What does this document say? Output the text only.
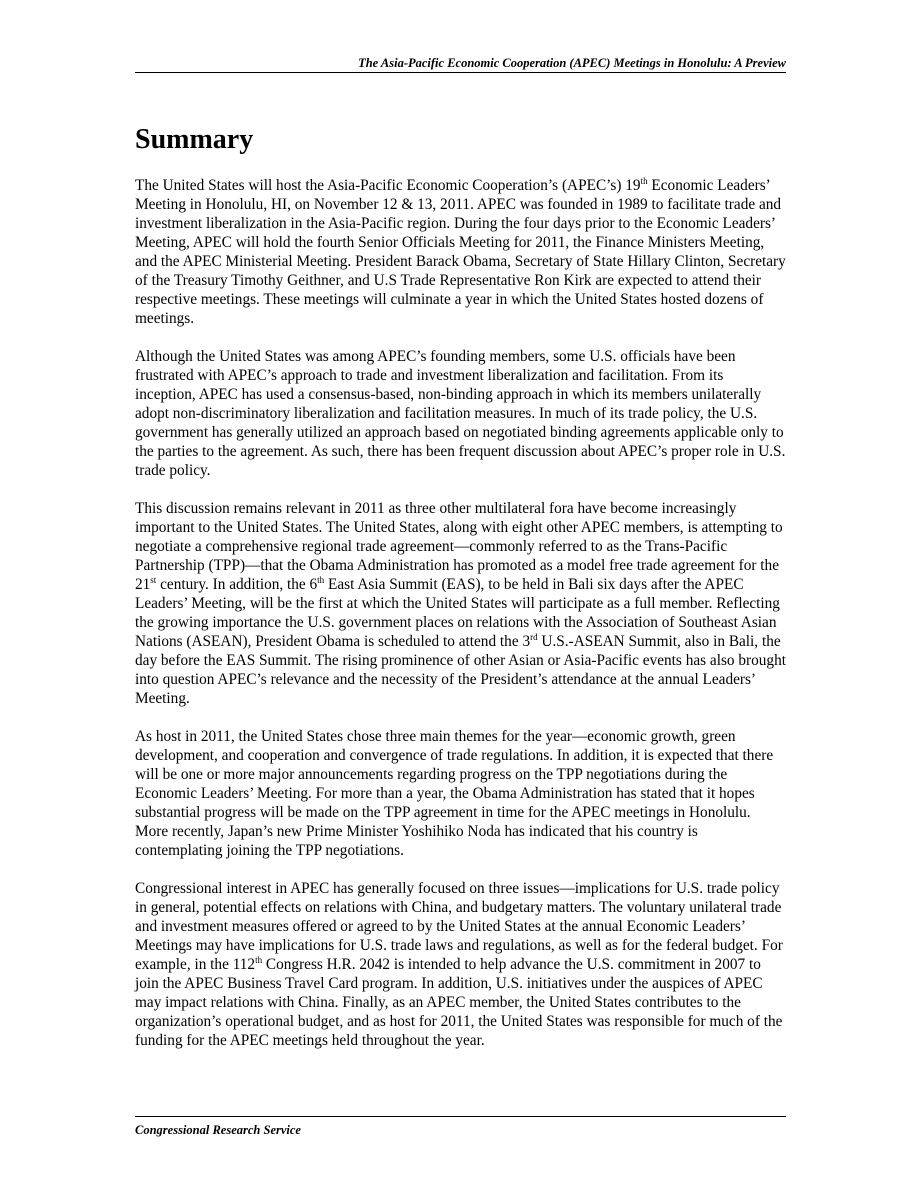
The Asia-Pacific Economic Cooperation (APEC) Meetings in Honolulu: A Preview
Summary

The United States will host the Asia-Pacific Economic Cooperation’s (APEC’s) 19th Economic Leaders’ Meeting in Honolulu, HI, on November 12 & 13, 2011. APEC was founded in 1989 to facilitate trade and investment liberalization in the Asia-Pacific region. During the four days prior to the Economic Leaders’ Meeting, APEC will hold the fourth Senior Officials Meeting for 2011, the Finance Ministers Meeting, and the APEC Ministerial Meeting. President Barack Obama, Secretary of State Hillary Clinton, Secretary of the Treasury Timothy Geithner, and U.S Trade Representative Ron Kirk are expected to attend their respective meetings. These meetings will culminate a year in which the United States hosted dozens of meetings.

Although the United States was among APEC’s founding members, some U.S. officials have been frustrated with APEC’s approach to trade and investment liberalization and facilitation. From its inception, APEC has used a consensus-based, non-binding approach in which its members unilaterally adopt non-discriminatory liberalization and facilitation measures. In much of its trade policy, the U.S. government has generally utilized an approach based on negotiated binding agreements applicable only to the parties to the agreement. As such, there has been frequent discussion about APEC’s proper role in U.S. trade policy.

This discussion remains relevant in 2011 as three other multilateral fora have become increasingly important to the United States. The United States, along with eight other APEC members, is attempting to negotiate a comprehensive regional trade agreement—commonly referred to as the Trans-Pacific Partnership (TPP)—that the Obama Administration has promoted as a model free trade agreement for the 21st century. In addition, the 6th East Asia Summit (EAS), to be held in Bali six days after the APEC Leaders’ Meeting, will be the first at which the United States will participate as a full member. Reflecting the growing importance the U.S. government places on relations with the Association of Southeast Asian Nations (ASEAN), President Obama is scheduled to attend the 3rd U.S.-ASEAN Summit, also in Bali, the day before the EAS Summit. The rising prominence of other Asian or Asia-Pacific events has also brought into question APEC’s relevance and the necessity of the President’s attendance at the annual Leaders’ Meeting.

As host in 2011, the United States chose three main themes for the year—economic growth, green development, and cooperation and convergence of trade regulations. In addition, it is expected that there will be one or more major announcements regarding progress on the TPP negotiations during the Economic Leaders’ Meeting. For more than a year, the Obama Administration has stated that it hopes substantial progress will be made on the TPP agreement in time for the APEC meetings in Honolulu. More recently, Japan’s new Prime Minister Yoshihiko Noda has indicated that his country is contemplating joining the TPP negotiations.

Congressional interest in APEC has generally focused on three issues—implications for U.S. trade policy in general, potential effects on relations with China, and budgetary matters. The voluntary unilateral trade and investment measures offered or agreed to by the United States at the annual Economic Leaders’ Meetings may have implications for U.S. trade laws and regulations, as well as for the federal budget. For example, in the 112th Congress H.R. 2042 is intended to help advance the U.S. commitment in 2007 to join the APEC Business Travel Card program. In addition, U.S. initiatives under the auspices of APEC may impact relations with China. Finally, as an APEC member, the United States contributes to the organization’s operational budget, and as host for 2011, the United States was responsible for much of the funding for the APEC meetings held throughout the year.

Congressional Research Service
